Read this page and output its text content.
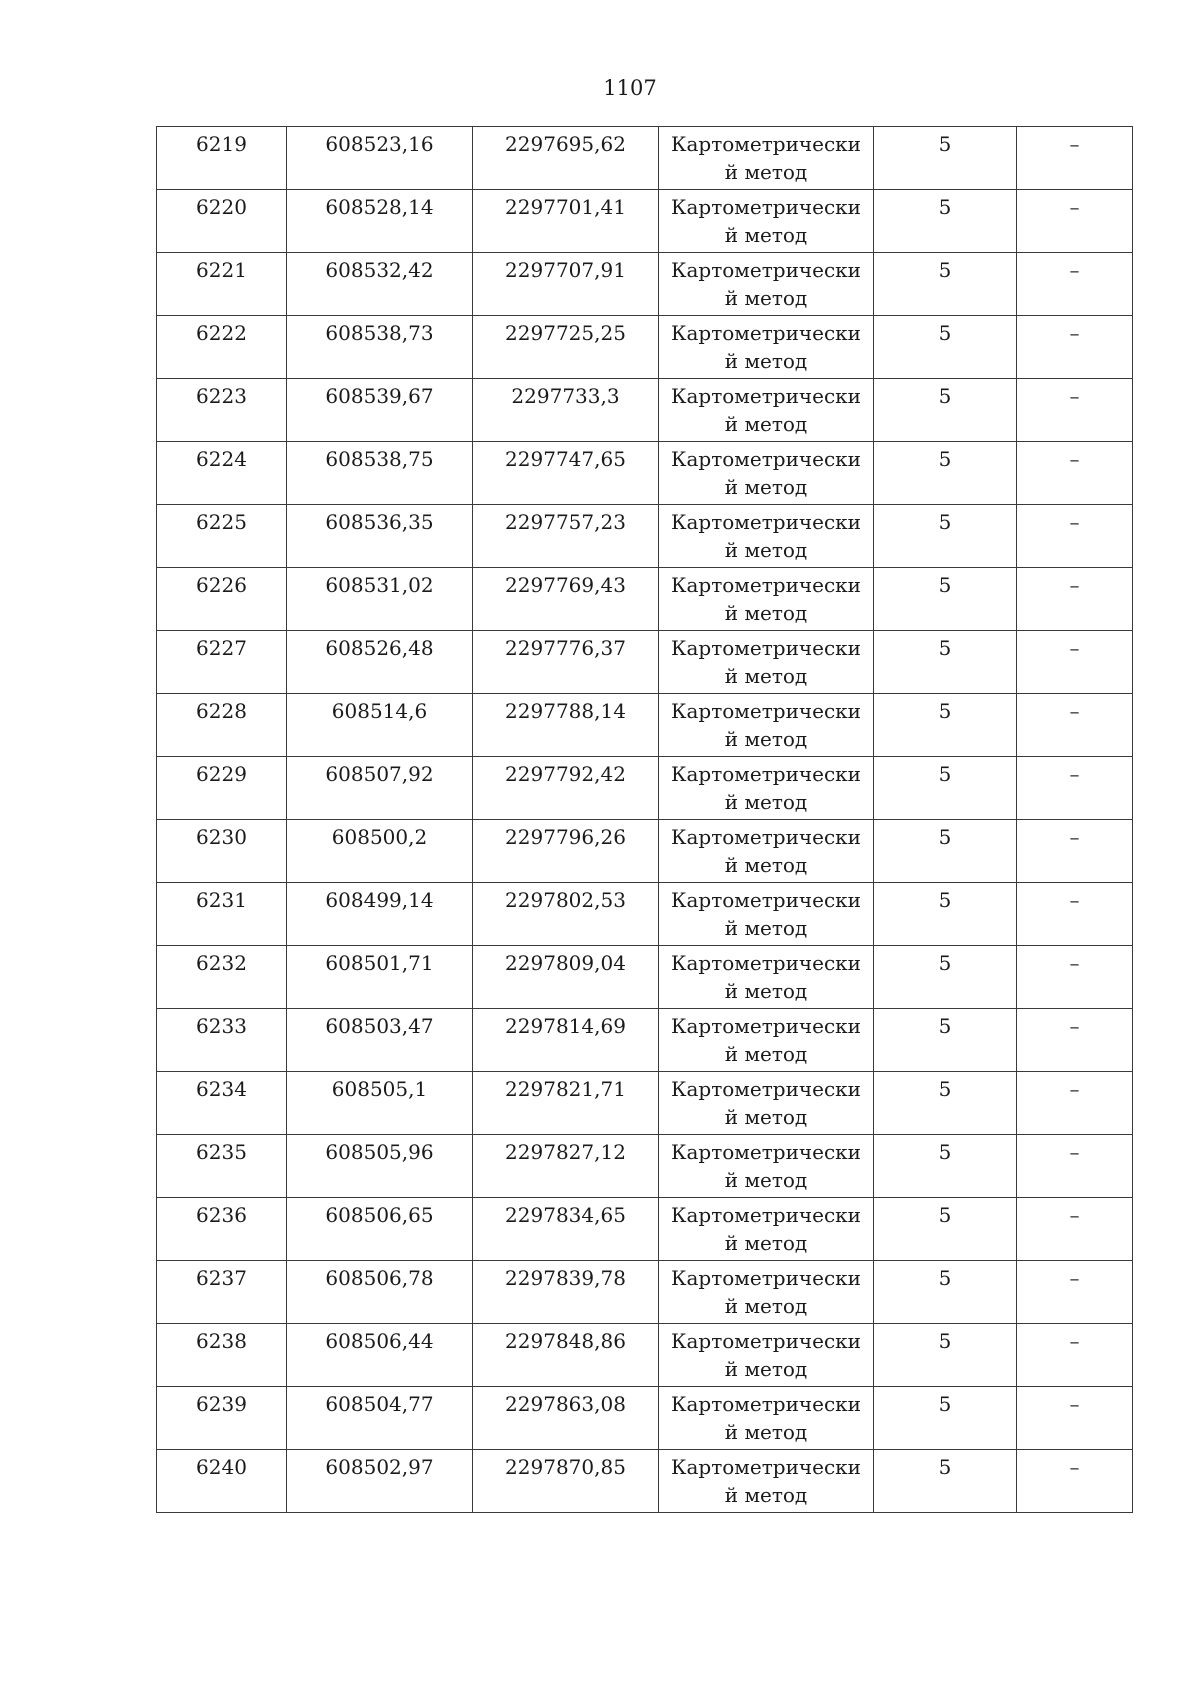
1107
6219	608523,16	2297695,62	Картометрический метод	5	–

6220	608528,14	2297701,41	Картометрический метод	5	–

6221	608532,42	2297707,91	Картометрический метод	5	–

6222	608538,73	2297725,25	Картометрический метод	5	–

6223	608539,67	2297733,3	Картометрический метод	5	–

6224	608538,75	2297747,65	Картометрический метод	5	–

6225	608536,35	2297757,23	Картометрический метод	5	–

6226	608531,02	2297769,43	Картометрический метод	5	–

6227	608526,48	2297776,37	Картометрический метод	5	–

6228	608514,6	2297788,14	Картометрический метод	5	–

6229	608507,92	2297792,42	Картометрический метод	5	–

6230	608500,2	2297796,26	Картометрический метод	5	–

6231	608499,14	2297802,53	Картометрический метод	5	–

6232	608501,71	2297809,04	Картометрический метод	5	–

6233	608503,47	2297814,69	Картометрический метод	5	–

6234	608505,1	2297821,71	Картометрический метод	5	–

6235	608505,96	2297827,12	Картометрический метод	5	–

6236	608506,65	2297834,65	Картометрический метод	5	–

6237	608506,78	2297839,78	Картометрический метод	5	–

6238	608506,44	2297848,86	Картометрический метод	5	–

6239	608504,77	2297863,08	Картометрический метод	5	–

6240	608502,97	2297870,85	Картометрический метод	5	–
